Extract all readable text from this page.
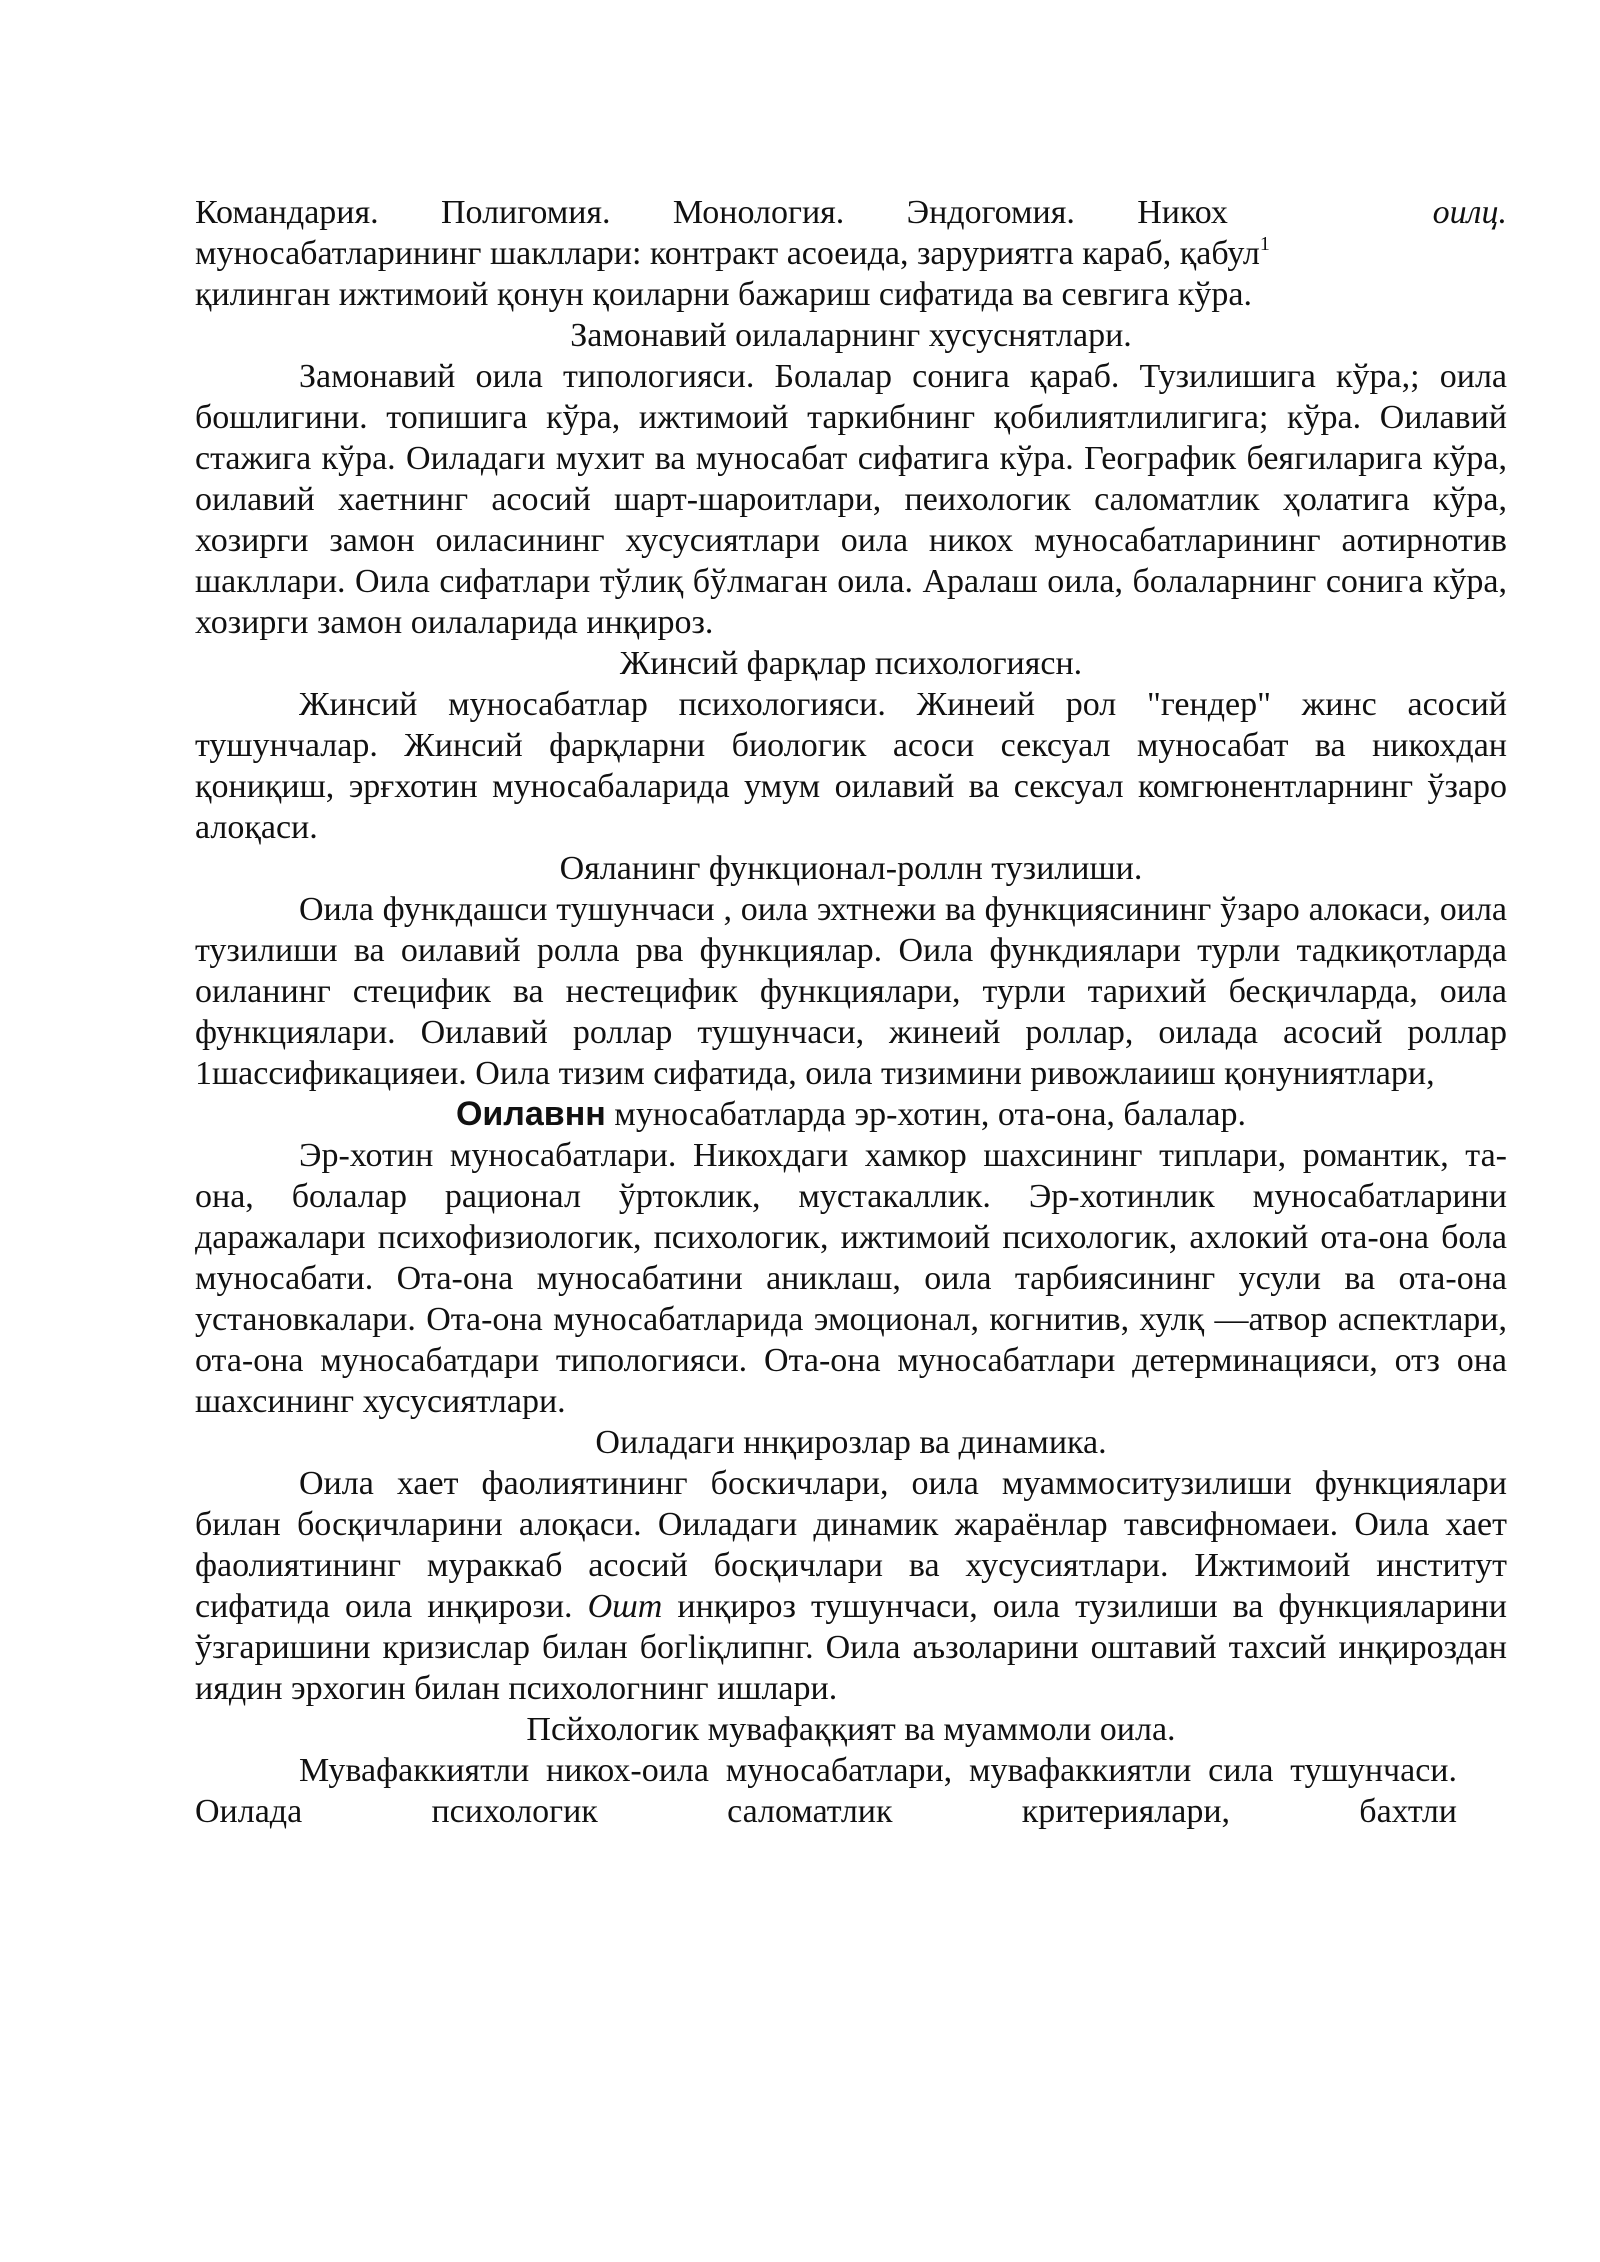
Командария. Полигомия. Монология. Эндогомия. Никох	оилц.

муносабатларининг шакллари: контракт асоеида, заруриятга караб, қабул$^1$

қилинган ижтимоий қонун қоиларни бажариш сифатида ва севгига кўра.

Замонавий оилаларнинг хусуснятлари.

Замонавий оила типологияси. Болалар сонига қараб. Тузилишига кўра,; оила бошлигини. топишига кўра, ижтимоий таркибнинг қобилиятлилигига; кўра. Оилавий стажига кўра. Оиладаги мухит ва муносабат сифатига кўра. Географик беягиларига кўра, оилавий хаетнинг асосий шарт-шароитлари, пеихологик саломатлик ҳолатига кўра, хозирги замон оиласининг хусусиятлари оила никох муносабатларининг аотирнотив шакллари. Оила сифатлари тўлиқ бўлмаган оила. Аралаш оила, болаларнинг сонига кўра, хозирги замон оилаларида инқироз.

Жинсий фарқлар психологиясн.

Жинсий муносабатлар психологияси. Жинеий рол "гендер" жинс асосий тушунчалар. Жинсий фарқларни биологик асоси сексуал муносабат ва никохдан қониқиш, эрғхотин муносабаларида умум оилавий ва сексуал комгюнентларнинг ўзаро алоқаси.

Ояланинг функционал-роллн тузилиши.

Оила функдашси тушунчаси , оила эхтнежи ва функциясининг ўзаро алокаси, оила тузилиши ва оилавий ролла рва функциялар. Оила функдиялари турли тадкиқотларда оиланинг стецифик ва нестецифик функциялари, турли тарихий бесқичларда, оила функциялари. Оилавий роллар тушунчаси, жинеий роллар, оилада асосий роллар 1шассификацияеи. Оила тизим сифатида, оила тизимини ривожлаииш қонуниятлари,

Оилавнн муносабатларда эр-хотин, ота-она, балалар.

Эр-хотин муносабатлари. Никохдаги хамкор шахсининг типлари, романтик, та-она, болалар рационал ўртоклик, мустакаллик. Эр-хотинлик муносабатларини даражалари психофизиологик, психологик, ижтимоий психологик, ахлокий ота-она бола муносабати. Ота-она муносабатини аниклаш, оила тарбиясининг усули ва ота-она установкалари. Ота-она муносабатларида эмоционал, когнитив, хулқ —атвор аспектлари, ота-она муносабатдари типологияси. Ота-она муносабатлари детерминацияси, отз она шахсининг хусусиятлари.

Оиладаги ннқирозлар ва динамика.

Оила хает фаолиятининг боскичлари, оила муаммоситузилиши функциялари билан босқичларини алоқаси. Оиладаги динамик жараёнлар тавсифномаеи. Оила хает фаолиятининг мураккаб асосий босқичлари ва хусусиятлари. Ижтимоий институт сифатида оила инқирози. Ошт инқироз тушунчаси, оила тузилиши ва функцияларини ўзгаришини кризислар билан богliқлипнг. Оила аъзоларини оштавий тахсий инқироздан иядин эрхогин билан психологнинг ишлари.

Псйхологик мувафаққият ва муаммоли оила.

Мувафаккиятли никох-оила муносабатлари, мувафаккиятли сила тушунчаси. Оилада психологик саломатлик критериялари, бахтли
